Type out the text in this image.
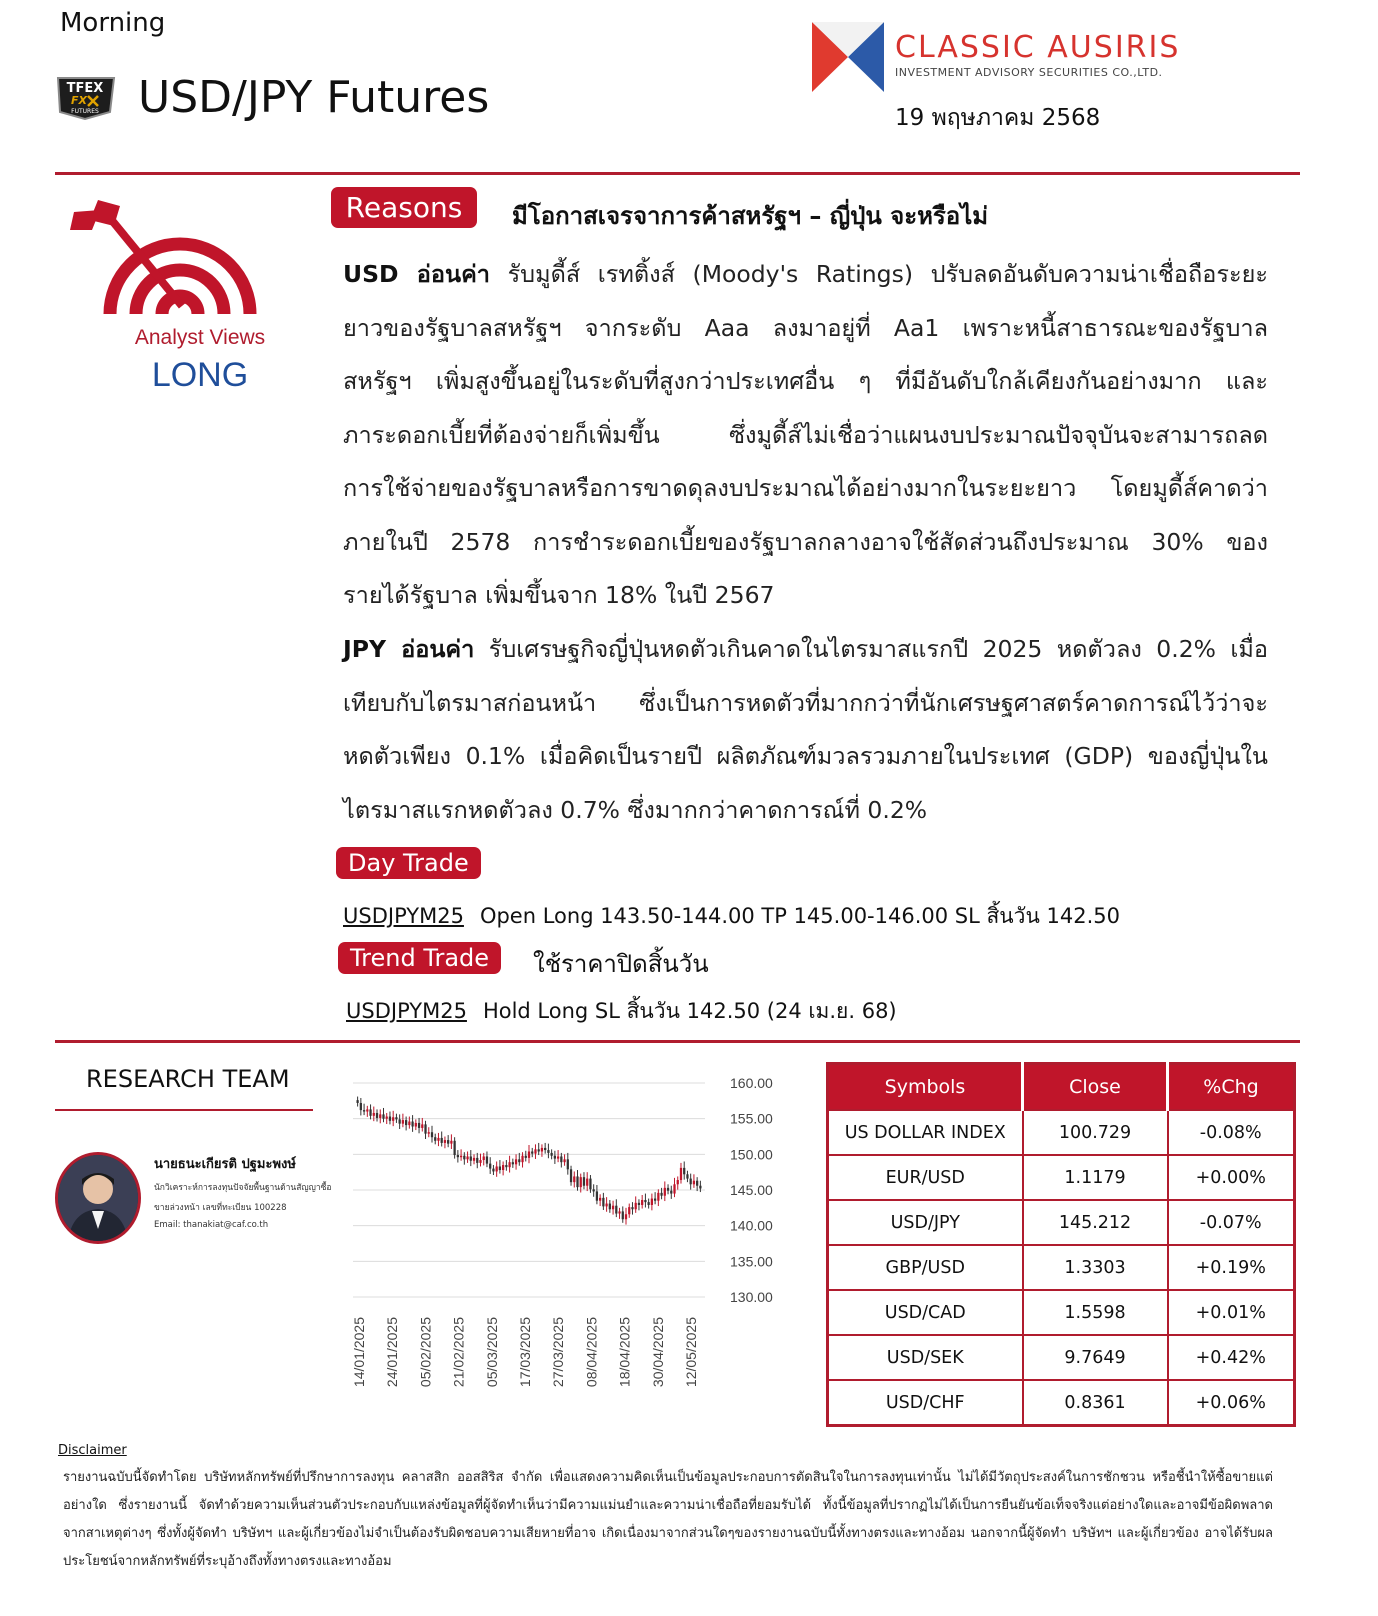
Morning
TFEX
FX
FUTURES USD/JPY Futures
CLASSIC AUSIRIS
INVESTMENT ADVISORY SECURITIES CO.,LTD.
19 พฤษภาคม 2568
Analyst Views
LONG
Reasons	มีโอกาสเจรจาการค้าสหรัฐฯ – ญี่ปุ่น จะหรือไม่
USD อ่อนค่า รับมูดี้ส์ เรทติ้งส์ (Moody's Ratings) ปรับลดอันดับความน่าเชื่อถือระยะ
ยาวของรัฐบาลสหรัฐฯ จากระดับ Aaa ลงมาอยู่ที่ Aa1 เพราะหนี้สาธารณะของรัฐบาล
สหรัฐฯ เพิ่มสูงขึ้นอยู่ในระดับที่สูงกว่าประเทศอื่น ๆ ที่มีอันดับใกล้เคียงกันอย่างมาก และ
ภาระดอกเบี้ยที่ต้องจ่ายก็เพิ่มขึ้น ซึ่งมูดี้ส์ไม่เชื่อว่าแผนงบประมาณปัจจุบันจะสามารถลด
การใช้จ่ายของรัฐบาลหรือการขาดดุลงบประมาณได้อย่างมากในระยะยาว โดยมูดี้ส์คาดว่า
ภายในปี 2578 การชำระดอกเบี้ยของรัฐบาลกลางอาจใช้สัดส่วนถึงประมาณ 30% ของ
รายได้รัฐบาล เพิ่มขึ้นจาก 18% ในปี 2567
JPY อ่อนค่า รับเศรษฐกิจญี่ปุ่นหดตัวเกินคาดในไตรมาสแรกปี 2025 หดตัวลง 0.2% เมื่อ
เทียบกับไตรมาสก่อนหน้า ซึ่งเป็นการหดตัวที่มากกว่าที่นักเศรษฐศาสตร์คาดการณ์ไว้ว่าจะ
หดตัวเพียง 0.1% เมื่อคิดเป็นรายปี ผลิตภัณฑ์มวลรวมภายในประเทศ (GDP) ของญี่ปุ่นใน
ไตรมาสแรกหดตัวลง 0.7% ซึ่งมากกว่าคาดการณ์ที่ 0.2%
Day Trade
USDJPYM25 Open Long 143.50-144.00 TP 145.00-146.00 SL สิ้นวัน 142.50
Trend Trade	ใช้ราคาปิดสิ้นวัน
USDJPYM25 Hold Long SL สิ้นวัน 142.50 (24 เม.ย. 68)
RESEARCH TEAM
นายธนะเกียรติ ปฐมะพงษ์
นักวิเคราะห์การลงทุนปัจจัยพื้นฐานด้านสัญญาซื้อ
ขายล่วงหน้า เลขที่ทะเบียน 100228
Email: thanakiat@caf.co.th
160.00
155.00
150.00
145.00
140.00
135.00
130.00
14/01/2025 24/01/2025 05/02/2025 21/02/2025 05/03/2025 17/03/2025 27/03/2025 08/04/2025 18/04/2025 30/04/2025 12/05/2025
Symbols	Close	%Chg
US DOLLAR INDEX	100.729	-0.08%
EUR/USD	1.1179	+0.00%
USD/JPY	145.212	-0.07%
GBP/USD	1.3303	+0.19%
USD/CAD	1.5598	+0.01%
USD/SEK	9.7649	+0.42%
USD/CHF	0.8361	+0.06%
Disclaimer
รายงานฉบับนี้จัดทำโดย บริษัทหลักทรัพย์ที่ปรึกษาการลงทุน คลาสสิก ออสสิริส จำกัด เพื่อแสดงความคิดเห็นเป็นข้อมูลประกอบการตัดสินใจในการลงทุนเท่านั้น ไม่ได้มีวัตถุประสงค์ในการชักชวน หรือชี้นำให้ซื้อขายแต่อย่างใด ซึ่งรายงานนี้ จัดทำด้วยความเห็นส่วนตัวประกอบกับแหล่งข้อมูลที่ผู้จัดทำเห็นว่ามีความแม่นยำและความน่าเชื่อถือที่ยอมรับได้ ทั้งนี้ข้อมูลที่ปรากฏไม่ได้เป็นการยืนยันข้อเท็จจริงแต่อย่างใดและอาจมีข้อผิดพลาดจากสาเหตุต่างๆ ซึ่งทั้งผู้จัดทำ บริษัทฯ และผู้เกี่ยวข้องไม่จำเป็นต้องรับผิดชอบความเสียหายที่อาจ เกิดเนื่องมาจากส่วนใดๆของรายงานฉบับนี้ทั้งทางตรงและทางอ้อม นอกจากนี้ผู้จัดทำ บริษัทฯ และผู้เกี่ยวข้อง อาจได้รับผลประโยชน์จากหลักทรัพย์ที่ระบุอ้างถึงทั้งทางตรงและทางอ้อม
